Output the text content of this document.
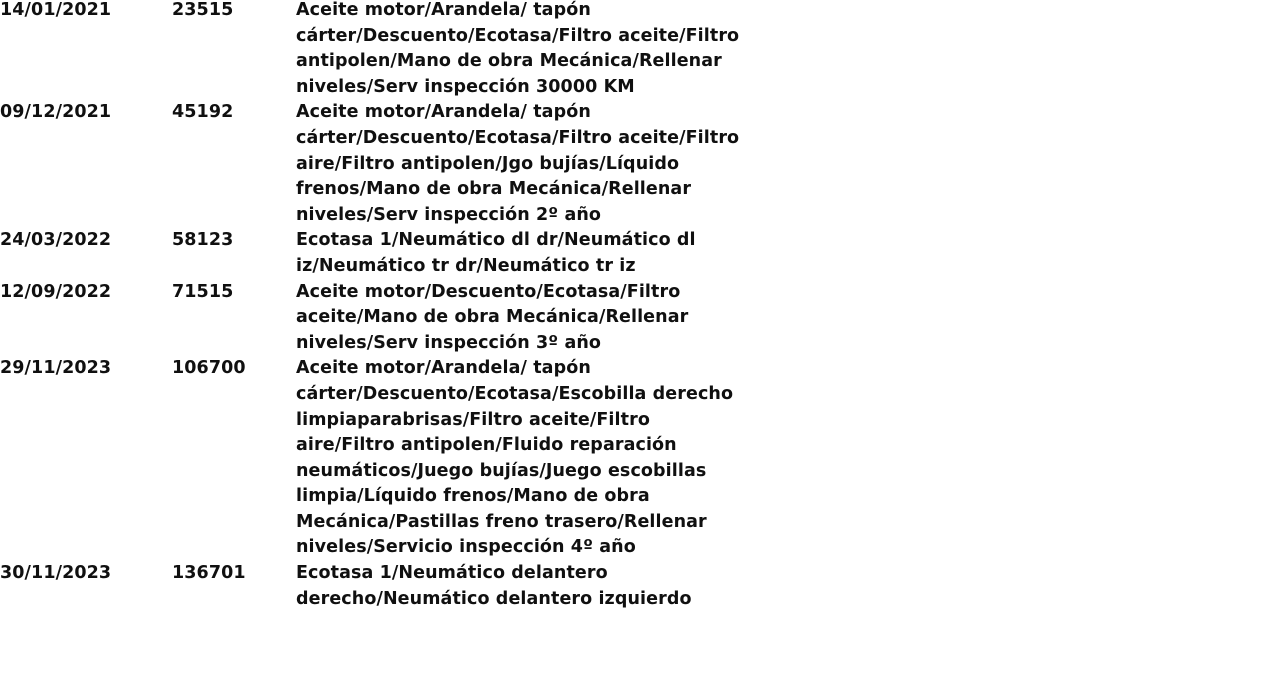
14/01/2021	23515	Aceite motor/Arandela/ tapón cárter/Descuento/Ecotasa/Filtro aceite/Filtro antipolen/Mano de obra Mecánica/Rellenar niveles/Serv inspección 30000 KM
09/12/2021	45192	Aceite motor/Arandela/ tapón cárter/Descuento/Ecotasa/Filtro aceite/Filtro aire/Filtro antipolen/Jgo bujías/Líquido frenos/Mano de obra Mecánica/Rellenar niveles/Serv inspección 2º año
24/03/2022	58123	Ecotasa 1/Neumático dl dr/Neumático dl iz/Neumático tr dr/Neumático tr iz
12/09/2022	71515	Aceite motor/Descuento/Ecotasa/Filtro aceite/Mano de obra Mecánica/Rellenar niveles/Serv inspección 3º año
29/11/2023	106700	Aceite motor/Arandela/ tapón cárter/Descuento/Ecotasa/Escobilla derecho limpiaparabrisas/Filtro aceite/Filtro aire/Filtro antipolen/Fluido reparación neumáticos/Juego bujías/Juego escobillas limpia/Líquido frenos/Mano de obra Mecánica/Pastillas freno trasero/Rellenar niveles/Servicio inspección 4º año
30/11/2023	136701	Ecotasa 1/Neumático delantero derecho/Neumático delantero izquierdo
